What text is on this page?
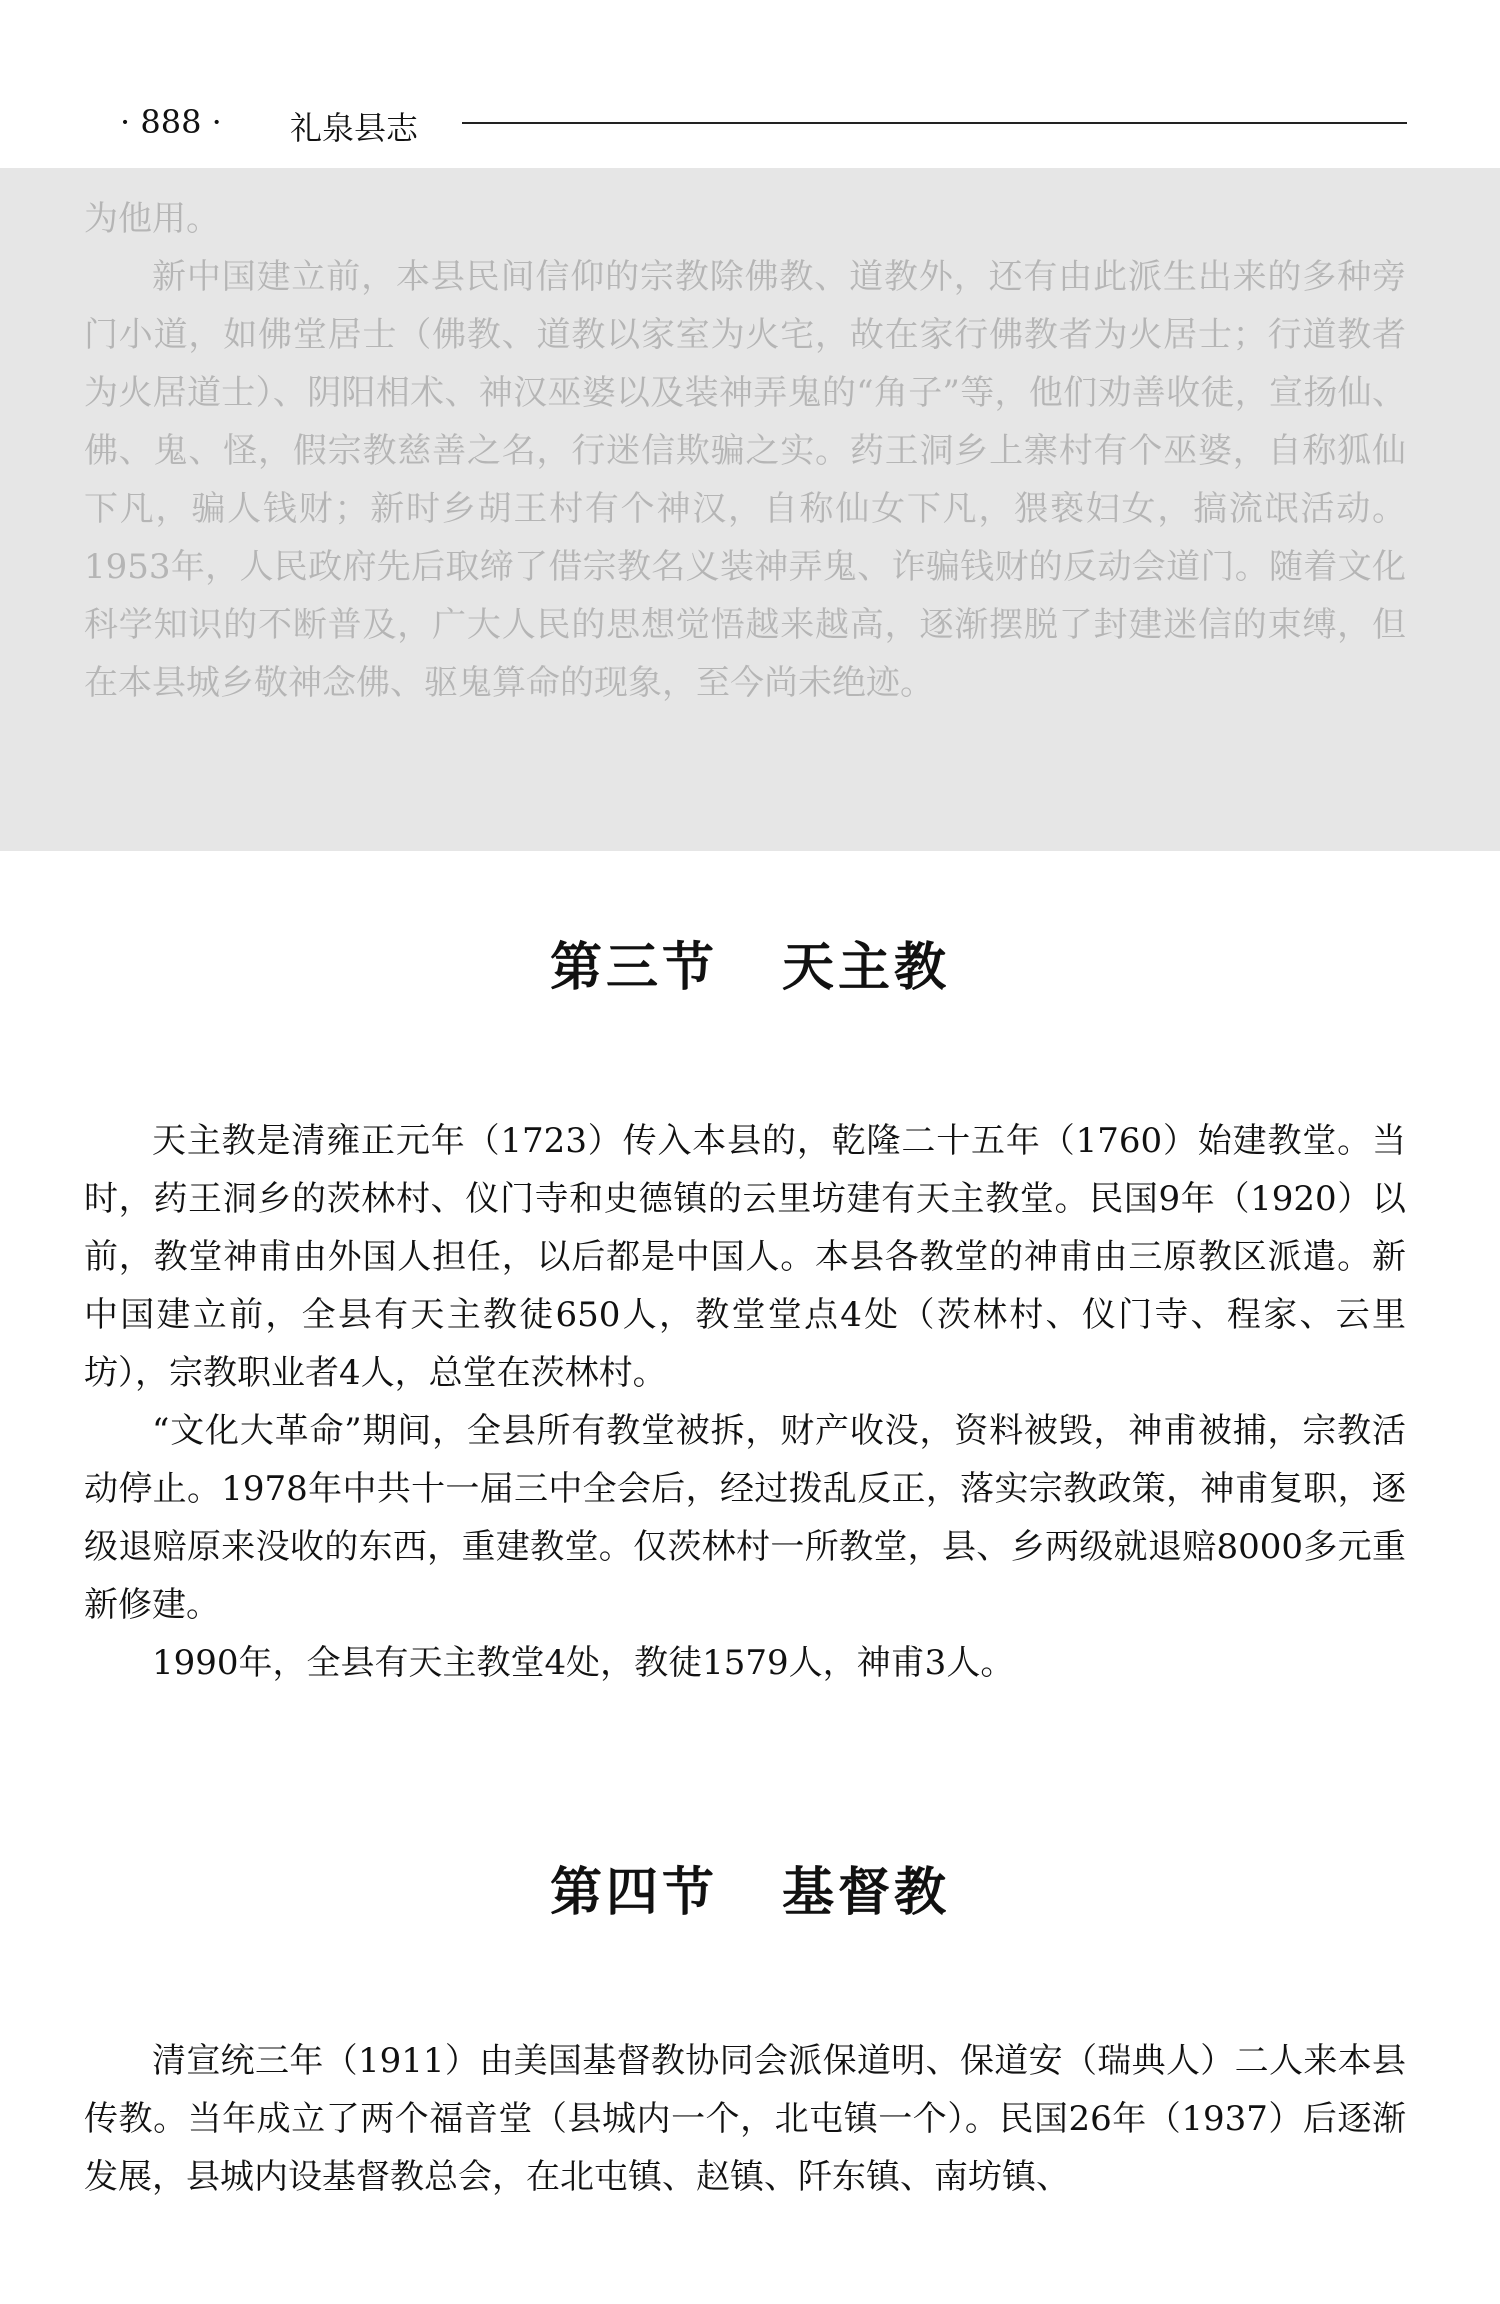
· 888 · 礼泉县志

为他用。

新中国建立前，本县民间信仰的宗教除佛教、道教外，还有由此派生出来的多种旁门小道，如佛堂居士（佛教、道教以家室为火宅，故在家行佛教者为火居士；行道教者为火居道士）、阴阳相术、神汉巫婆以及装神弄鬼的“角子”等，他们劝善收徒，宣扬仙、佛、鬼、怪，假宗教慈善之名，行迷信欺骗之实。药王洞乡上寨村有个巫婆，自称狐仙下凡，骗人钱财；新时乡胡王村有个神汉，自称仙女下凡，猥亵妇女，搞流氓活动。1953年，人民政府先后取缔了借宗教名义装神弄鬼、诈骗钱财的反动会道门。随着文化科学知识的不断普及，广大人民的思想觉悟越来越高，逐渐摆脱了封建迷信的束缚，但在本县城乡敬神念佛、驱鬼算命的现象，至今尚未绝迹。

第三节 天主教

天主教是清雍正元年（1723）传入本县的，乾隆二十五年（1760）始建教堂。当时，药王洞乡的茨林村、仪门寺和史德镇的云里坊建有天主教堂。民国9年（1920）以前，教堂神甫由外国人担任，以后都是中国人。本县各教堂的神甫由三原教区派遣。新中国建立前，全县有天主教徒650人，教堂堂点4处（茨林村、仪门寺、程家、云里坊），宗教职业者4人，总堂在茨林村。

“文化大革命”期间，全县所有教堂被拆，财产收没，资料被毁，神甫被捕，宗教活动停止。1978年中共十一届三中全会后，经过拨乱反正，落实宗教政策，神甫复职，逐级退赔原来没收的东西，重建教堂。仅茨林村一所教堂，县、乡两级就退赔8000多元重新修建。

1990年，全县有天主教堂4处，教徒1579人，神甫3人。

第四节 基督教

清宣统三年（1911）由美国基督教协同会派保道明、保道安（瑞典人）二人来本县传教。当年成立了两个福音堂（县城内一个，北屯镇一个）。民国26年（1937）后逐渐发展，县城内设基督教总会，在北屯镇、赵镇、阡东镇、南坊镇、
